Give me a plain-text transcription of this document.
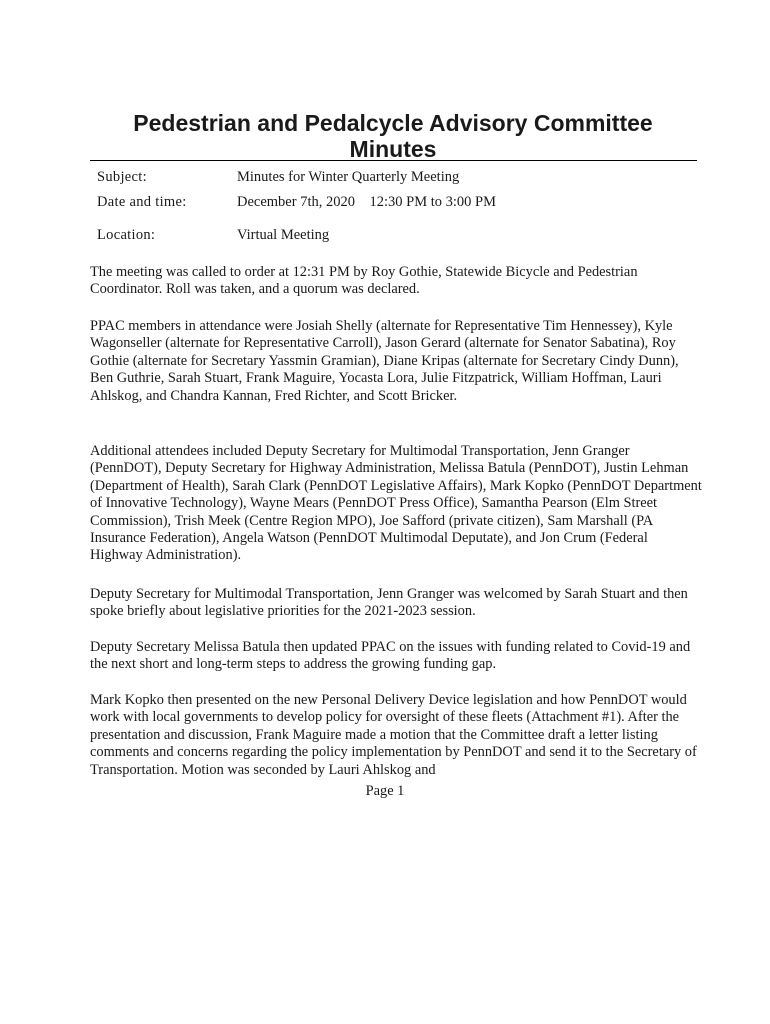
Pedestrian and Pedalcycle Advisory Committee
Minutes
Subject:	Minutes for Winter Quarterly Meeting
Date and time:	December 7th, 2020    12:30 PM to 3:00 PM
Location:	Virtual Meeting

The meeting was called to order at 12:31 PM by Roy Gothie, Statewide Bicycle and Pedestrian Coordinator. Roll was taken, and a quorum was declared.

PPAC members in attendance were Josiah Shelly (alternate for Representative Tim Hennessey), Kyle Wagonseller (alternate for Representative Carroll), Jason Gerard (alternate for Senator Sabatina), Roy Gothie (alternate for Secretary Yassmin Gramian), Diane Kripas (alternate for Secretary Cindy Dunn), Ben Guthrie, Sarah Stuart, Frank Maguire, Yocasta Lora, Julie Fitzpatrick, William Hoffman, Lauri Ahlskog, and Chandra Kannan, Fred Richter, and Scott Bricker.

Additional attendees included Deputy Secretary for Multimodal Transportation, Jenn Granger (PennDOT), Deputy Secretary for Highway Administration, Melissa Batula (PennDOT), Justin Lehman (Department of Health), Sarah Clark (PennDOT Legislative Affairs), Mark Kopko (PennDOT Department of Innovative Technology), Wayne Mears (PennDOT Press Office), Samantha Pearson (Elm Street Commission), Trish Meek (Centre Region MPO), Joe Safford (private citizen), Sam Marshall (PA Insurance Federation), Angela Watson (PennDOT Multimodal Deputate), and Jon Crum (Federal Highway Administration).

Deputy Secretary for Multimodal Transportation, Jenn Granger was welcomed by Sarah Stuart and then spoke briefly about legislative priorities for the 2021-2023 session.

Deputy Secretary Melissa Batula then updated PPAC on the issues with funding related to Covid-19 and the next short and long-term steps to address the growing funding gap.

Mark Kopko then presented on the new Personal Delivery Device legislation and how PennDOT would work with local governments to develop policy for oversight of these fleets (Attachment #1). After the presentation and discussion, Frank Maguire made a motion that the Committee draft a letter listing comments and concerns regarding the policy implementation by PennDOT and send it to the Secretary of Transportation. Motion was seconded by Lauri Ahlskog and

Page 1
